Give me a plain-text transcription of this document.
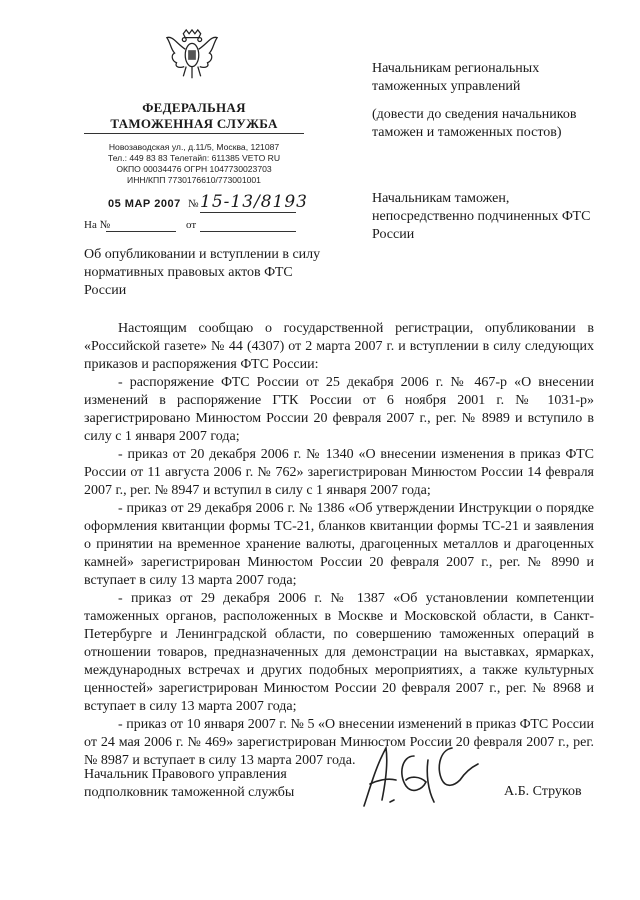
ФЕДЕРАЛЬНАЯ
ТАМОЖЕННАЯ СЛУЖБА
Новозаводская ул., д.11/5, Москва, 121087
Тел.: 449 83 83 Телетайп: 611385 VETO RU
ОКПО 00034476 ОГРН 1047730023703
ИНН/КПП 7730176610/773001001
05 МАР 2007 № 15-13/8193
На №	от
Начальникам региональных таможенных управлений
(довести до сведения начальников таможен и таможенных постов)
Начальникам таможен, непосредственно подчиненных ФТС России
Об опубликовании и вступлении в силу нормативных правовых актов ФТС России

Настоящим сообщаю о государственной регистрации, опубликовании в «Российской газете» № 44 (4307) от 2 марта 2007 г. и вступлении в силу следующих приказов и распоряжения ФТС России:

- распоряжение ФТС России от 25 декабря 2006 г. № 467-р «О внесении изменений в распоряжение ГТК России от 6 ноября 2001 г. № 1031-р» зарегистрировано Минюстом России 20 февраля 2007 г., рег. № 8989 и вступило в силу с 1 января 2007 года;

- приказ от 20 декабря 2006 г. № 1340 «О внесении изменения в приказ ФТС России от 11 августа 2006 г. № 762» зарегистрирован Минюстом России 14 февраля 2007 г., рег. № 8947 и вступил в силу с 1 января 2007 года;

- приказ от 29 декабря 2006 г. № 1386 «Об утверждении Инструкции о порядке оформления квитанции формы ТС-21, бланков квитанции формы ТС-21 и заявления о принятии на временное хранение валюты, драгоценных металлов и драгоценных камней» зарегистрирован Минюстом России 20 февраля 2007 г., рег. № 8990 и вступает в силу 13 марта 2007 года;

- приказ от 29 декабря 2006 г. № 1387 «Об установлении компетенции таможенных органов, расположенных в Москве и Московской области, в Санкт-Петербурге и Ленинградской области, по совершению таможенных операций в отношении товаров, предназначенных для демонстрации на выставках, ярмарках, международных встречах и других подобных мероприятиях, а также культурных ценностей» зарегистрирован Минюстом России 20 февраля 2007 г., рег. № 8968 и вступает в силу 13 марта 2007 года;

- приказ от 10 января 2007 г. № 5 «О внесении изменений в приказ ФТС России от 24 мая 2006 г. № 469» зарегистрирован Минюстом России 20 февраля 2007 г., рег. № 8987 и вступает в силу 13 марта 2007 года.

Начальник Правового управления
подполковник таможенной службы	А.Б. Струков
